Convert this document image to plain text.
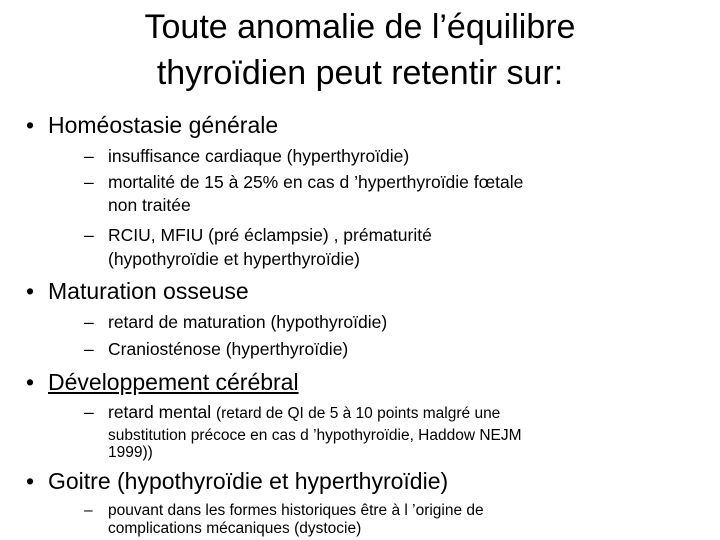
Toute anomalie de l’équilibre
thyroïdien peut retentir sur:
• Homéostasie générale
– insuffisance cardiaque (hyperthyroïdie)
– mortalité de 15 à 25% en cas d ’hyperthyroïdie fœtale
non traitée
– RCIU, MFIU (pré éclampsie) , prématurité
(hypothyroïdie et hyperthyroïdie)
• Maturation osseuse
– retard de maturation (hypothyroïdie)
– Craniosténose (hyperthyroïdie)
• Développement cérébral
– retard mental (retard de QI de 5 à 10 points malgré une
substitution précoce en cas d ’hypothyroïdie, Haddow NEJM
1999))
• Goitre (hypothyroïdie et hyperthyroïdie)
– pouvant dans les formes historiques être à l ’origine de
complications mécaniques (dystocie)
